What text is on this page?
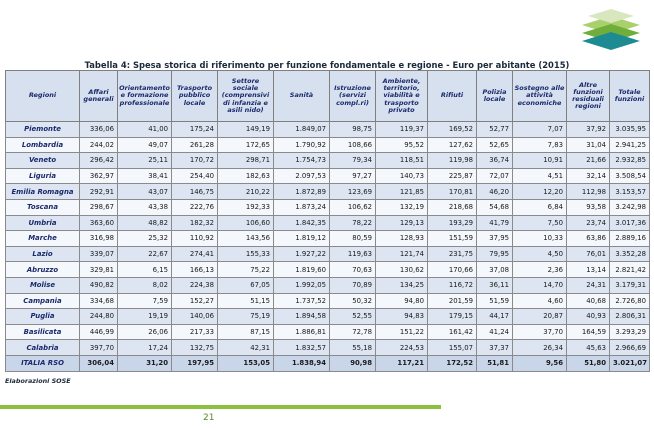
Tabella 4: Spesa storica di riferimento per funzione fondamentale e regione - Euro per abitante (2015)
Regioni	Affari generali	Orientamento e formazione professionale	Trasporto pubblico locale	Settore sociale (comprensivi di infanzia e asili nido)	Sanità	Istruzione (servizi compl.ri)	Ambiente, territorio, viabilità e trasporto privato	Rifiuti	Polizia locale	Sostegno alle attività economiche	Altre funzioni residuali regioni	Totale funzioni
Piemonte	336,06	41,00	175,24	149,19	1.849,07	98,75	119,37	169,52	52,77	7,07	37,92	3.035,95
Lombardia	244,02	49,07	261,28	172,65	1.790,92	108,66	95,52	127,62	52,65	7,83	31,04	2.941,25
Veneto	296,42	25,11	170,72	298,71	1.754,73	79,34	118,51	119,98	36,74	10,91	21,66	2.932,85
Liguria	362,97	38,41	254,40	182,63	2.097,53	97,27	140,73	225,87	72,07	4,51	32,14	3.508,54
Emilia Romagna	292,91	43,07	146,75	210,22	1.872,89	123,69	121,85	170,81	46,20	12,20	112,98	3.153,57
Toscana	298,67	43,38	222,76	192,33	1.873,24	106,62	132,19	218,68	54,68	6,84	93,58	3.242,98
Umbria	363,60	48,82	182,32	106,60	1.842,35	78,22	129,13	193,29	41,79	7,50	23,74	3.017,36
Marche	316,98	25,32	110,92	143,56	1.819,12	80,59	128,93	151,59	37,95	10,33	63,86	2.889,16
Lazio	339,07	22,67	274,41	155,33	1.927,22	119,63	121,74	231,75	79,95	4,50	76,01	3.352,28
Abruzzo	329,81	6,15	166,13	75,22	1.819,60	70,63	130,62	170,66	37,08	2,36	13,14	2.821,42
Molise	490,82	8,02	224,38	67,05	1.992,05	70,89	134,25	116,72	36,11	14,70	24,31	3.179,31
Campania	334,68	7,59	152,27	51,15	1.737,52	50,32	94,80	201,59	51,59	4,60	40,68	2.726,80
Puglia	244,80	19,19	140,06	75,19	1.894,58	52,55	94,83	179,15	44,17	20,87	40,93	2.806,31
Basilicata	446,99	26,06	217,33	87,15	1.886,81	72,78	151,22	161,42	41,24	37,70	164,59	3.293,29
Calabria	397,70	17,24	132,75	42,31	1.832,57	55,18	224,53	155,07	37,37	26,34	45,63	2.966,69
ITALIA RSO	306,04	31,20	197,95	153,05	1.838,94	90,98	117,21	172,52	51,81	9,56	51,80	3.021,07
Elaborazioni SOSE
21
